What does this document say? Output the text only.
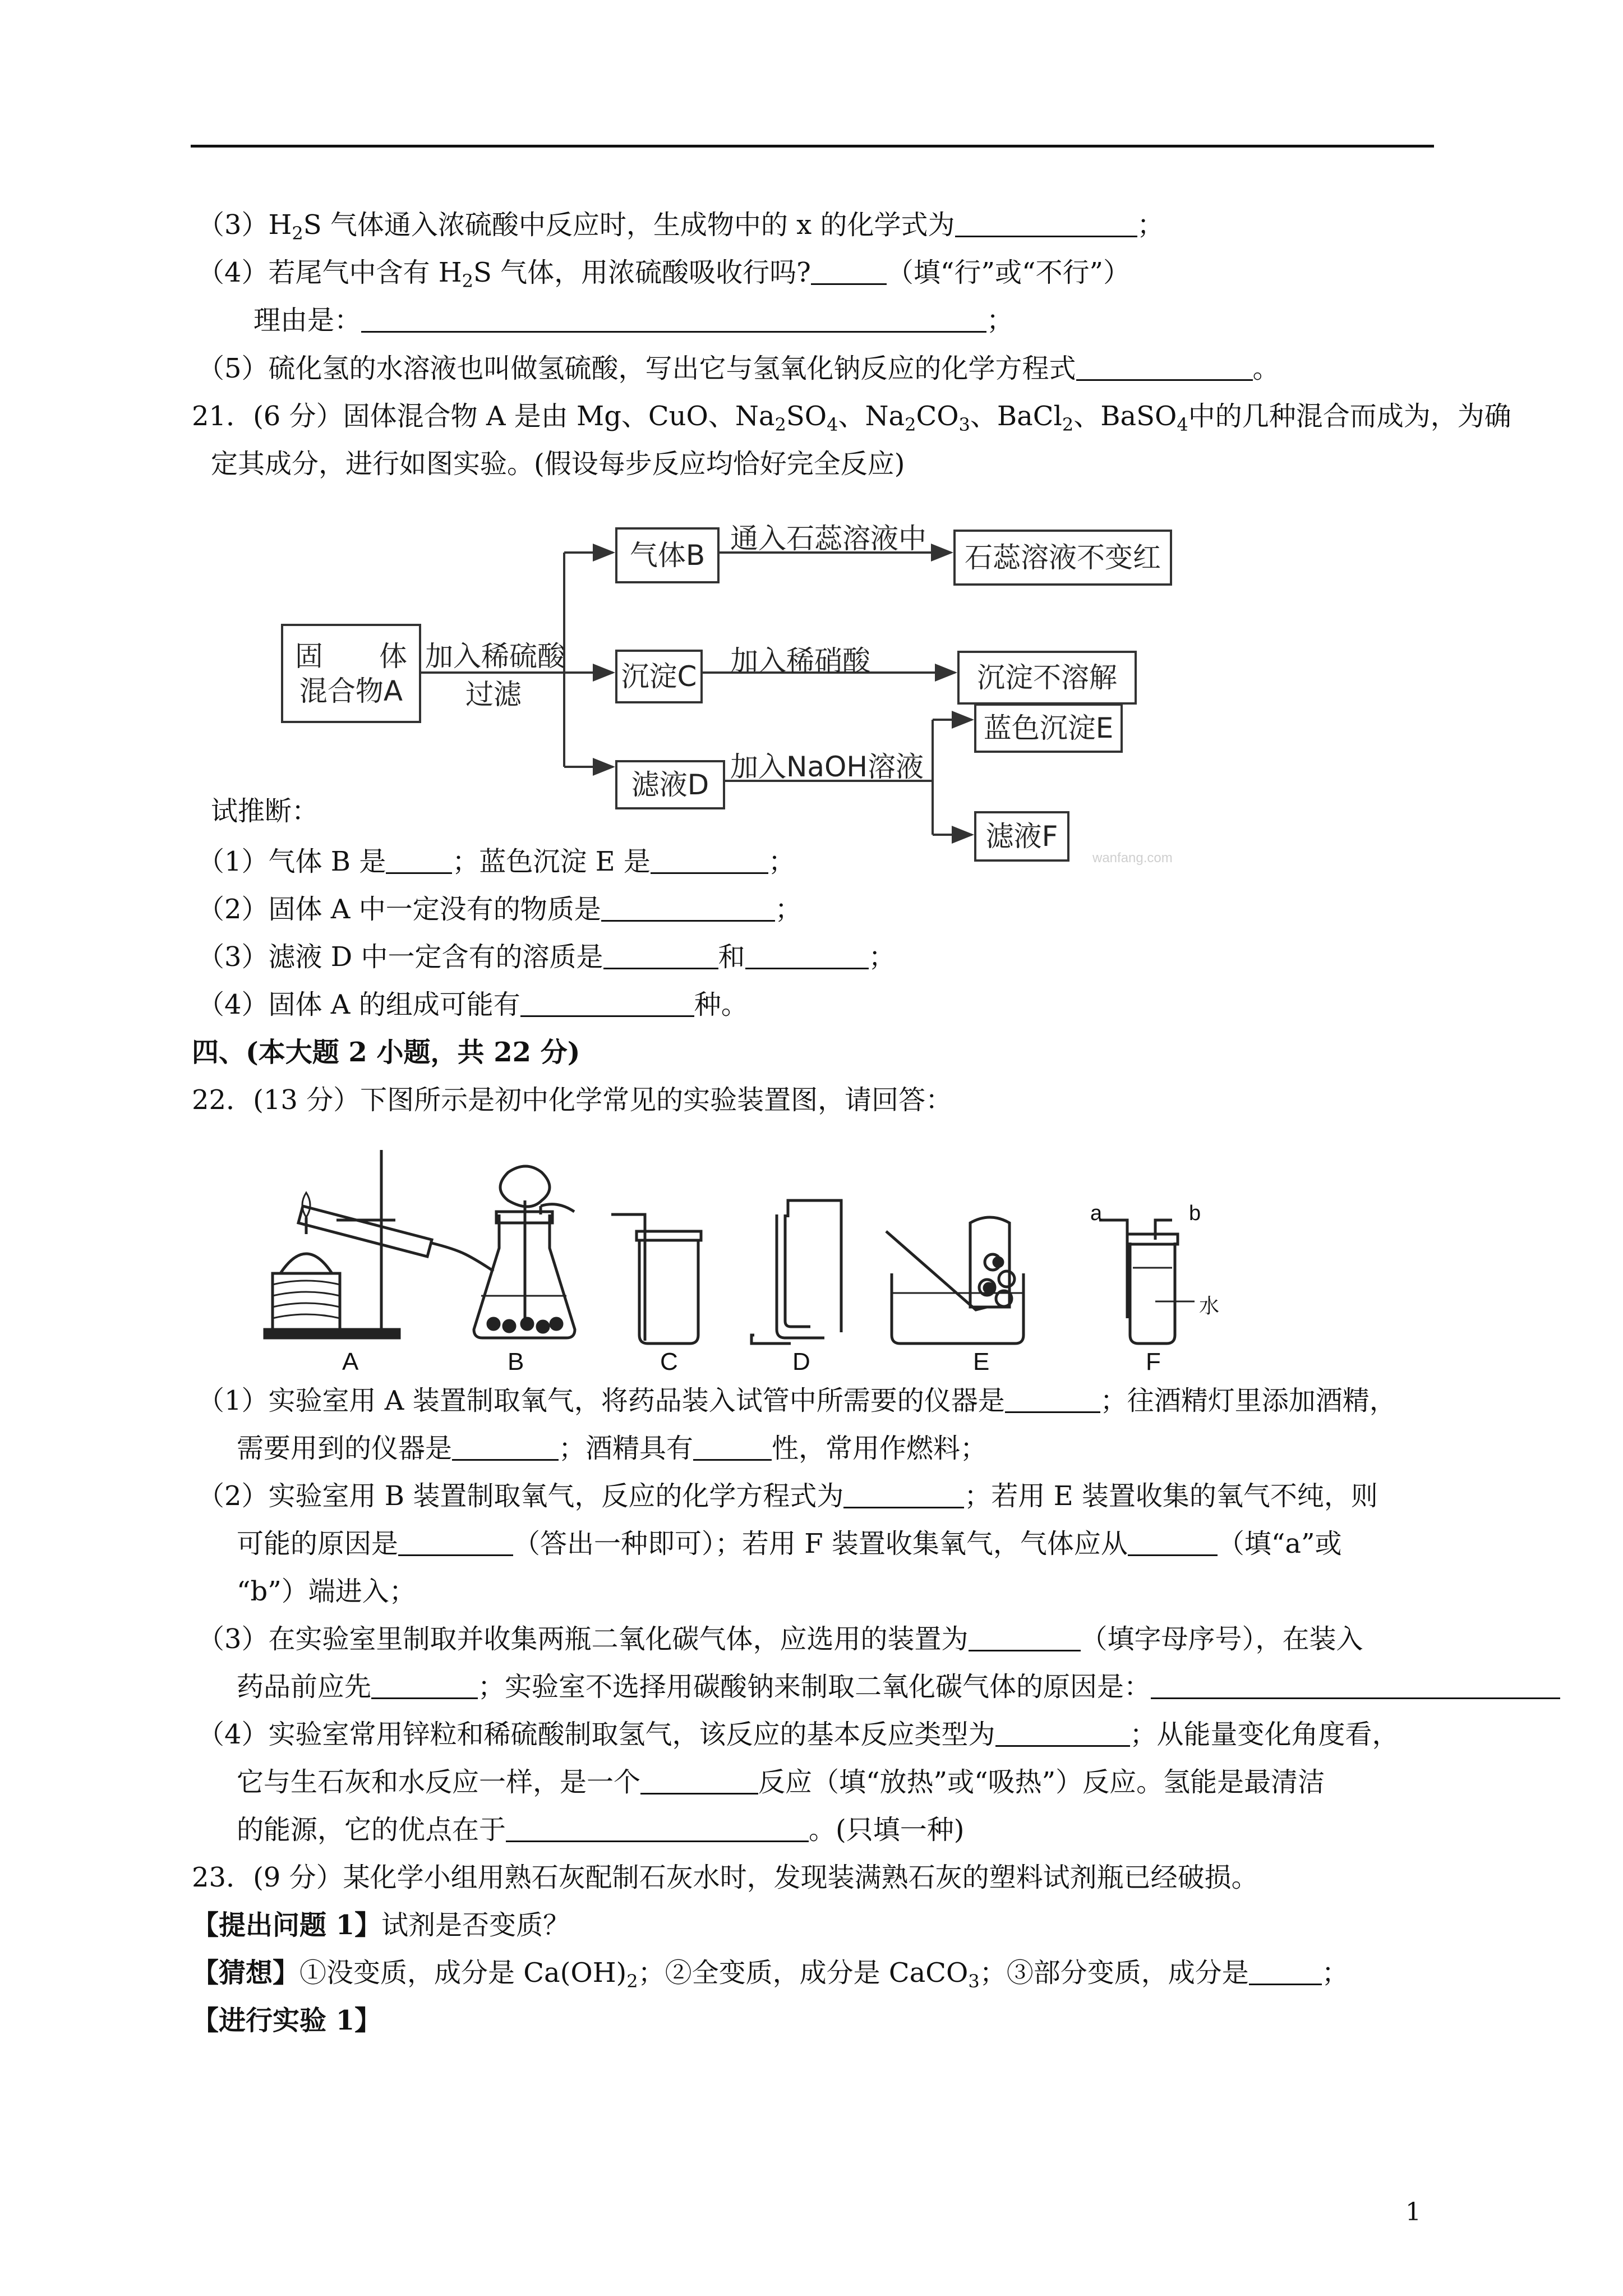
$(3)H_2S$ 气体通入浓硫酸中反应时，生成物中的 x 的化学式为	；
（4）若尾气中含有 $H_2S$ 气体，用浓硫酸吸收行吗?	（填“行”或“不行”）
理由是：	；
（5）硫化氢的水溶液也叫做氢硫酸，写出它与氢氧化钠反应的化学方程式	。
21．(6 分）固体混合物 A 是由 Mg、CuO、$Na_2SO_4$、$Na_2CO_3$、BaCl$_2$、BaSO$_4$中的几种混合而成为，为确
定其成分，进行如图实验。(假设每步反应均恰好完全反应)
固　　体
混合物A
加入稀硫酸
过滤
气体B
通入石蕊溶液中
石蕊溶液不变红
沉淀C 加入稀硝酸
沉淀不溶解
滤液D
加入NaOH溶液
蓝色沉淀E
滤液F
wanfang.com
试推断：
（1）气体 B 是 ；蓝色沉淀 E 是	；
（2）固体 A 中一定没有的物质是	；
（3）滤液 D 中一定含有的溶质是	和	；
（4）固体 A 的组成可能有	种。
四、(本大题 2 小题，共 22 分)
22．(13 分）下图所示是初中化学常见的实验装置图，请回答：
A	B	C	D	E	F
a	b
水
（1）实验室用 A 装置制取氧气，将药品装入试管中所需要的仪器是	；往酒精灯里添加酒精，
需要用到的仪器是	；酒精具有	性，常用作燃料；
（2）实验室用 B 装置制取氧气，反应的化学方程式为	；若用 E 装置收集的氧气不纯，则
可能的原因是	（答出一种即可）；若用 F 装置收集氧气，气体应从	（填“a”或
“b”）端进入；
（3）在实验室里制取并收集两瓶二氧化碳气体，应选用的装置为	（填字母序号），在装入
药品前应先	；实验室不选择用碳酸钠来制取二氧化碳气体的原因是：
（4）实验室常用锌粒和稀硫酸制取氢气，该反应的基本反应类型为	；从能量变化角度看，
它与生石灰和水反应一样，是一个	反应（填“放热”或“吸热”）反应。氢能是最清洁
的能源，它的优点在于	。(只填一种)
23．(9 分）某化学小组用熟石灰配制石灰水时，发现装满熟石灰的塑料试剂瓶已经破损。
【提出问题 1】试剂是否变质？
【猜想】①没变质，成分是 $Ca(OH)_2$；②全变质，成分是 CaCO$_3$；③部分变质，成分是	；
【进行实验 1】
1
